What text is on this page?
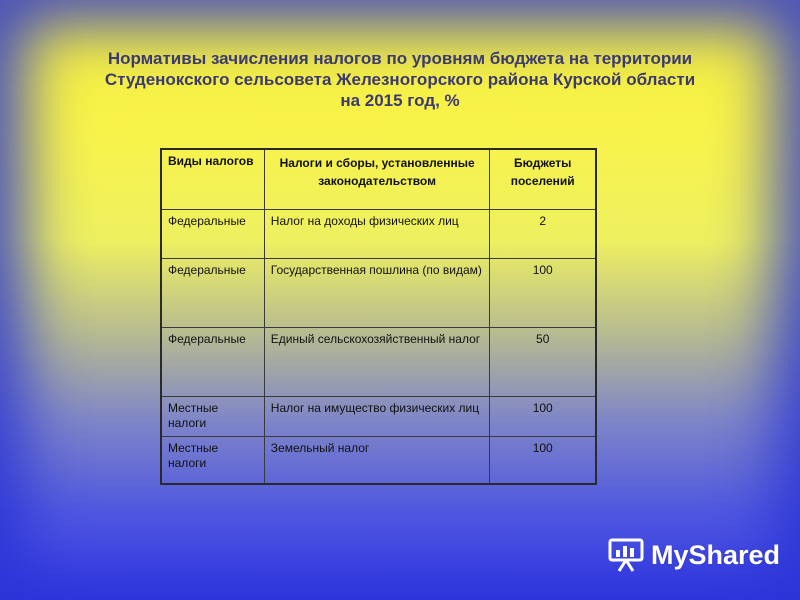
Нормативы зачисления налогов по уровням бюджета на территории
Студенокского сельсовета Железногорского района Курской области
на 2015 год, %
Виды налогов	Налоги и сборы, установленные законодательством	Бюджеты поселений

Федеральные	Налог на доходы физических лиц	2
Федеральные	Государственная пошлина (по видам)	100
Федеральные	Единый сельскохозяйственный налог	50
Местные налоги	Налог на имущество физических лиц	100
Местные налоги	Земельный налог	100
MyShared
